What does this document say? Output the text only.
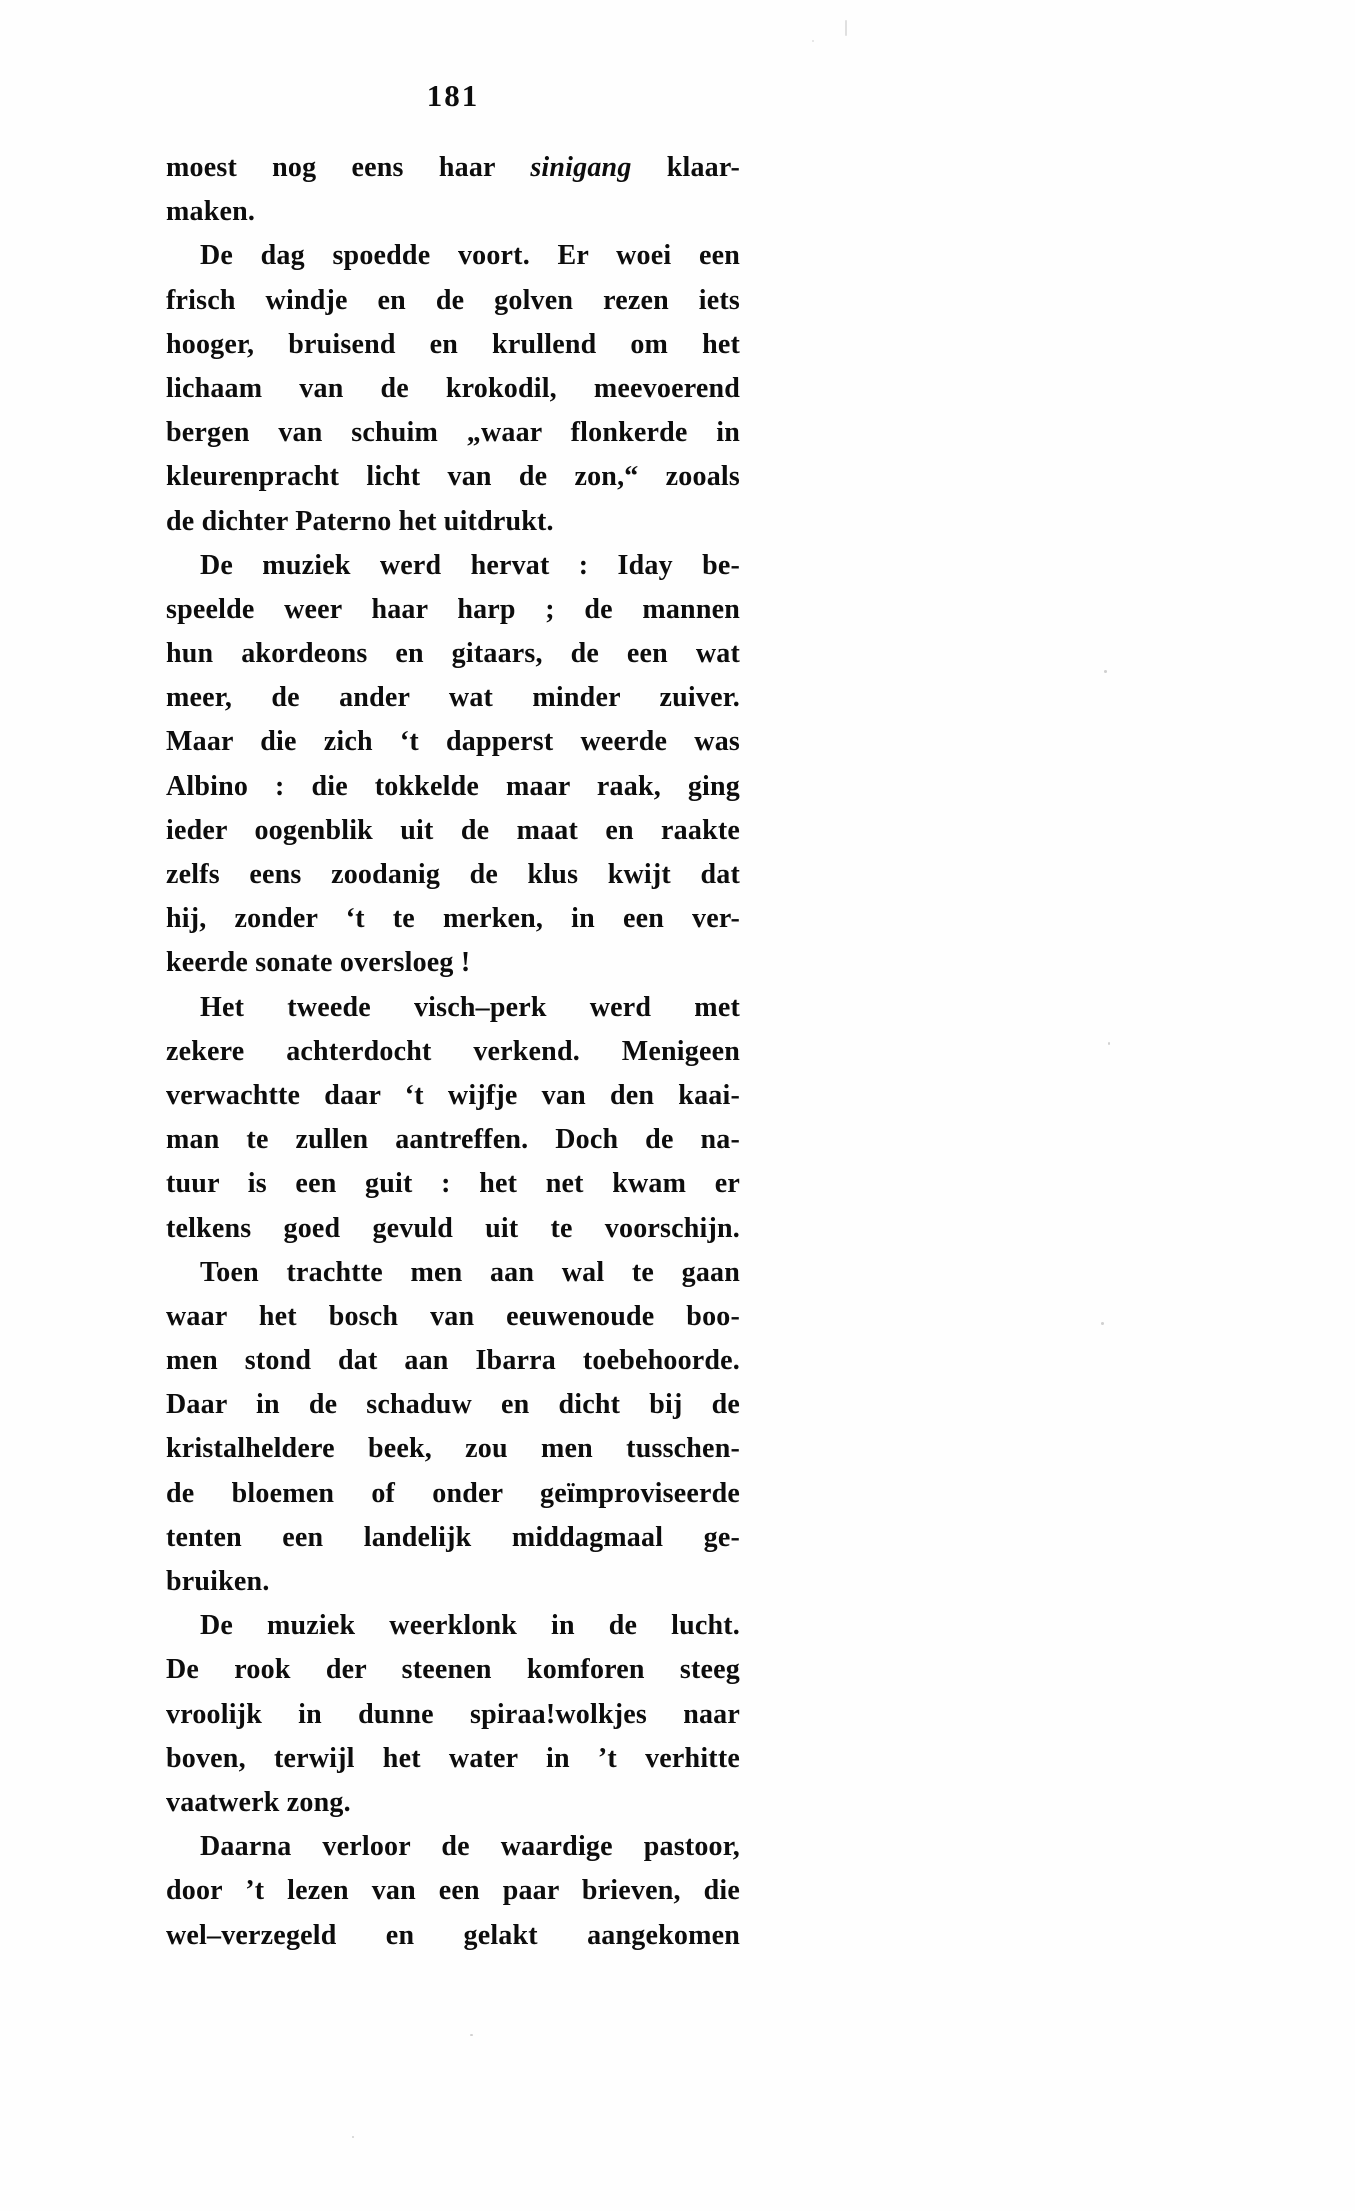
181
moest nog eens haar sinigang klaar-
maken.
De dag spoedde voort. Er woei een
frisch windje en de golven rezen iets
hooger, bruisend en krullend om het
lichaam van de krokodil, meevoerend
bergen van schuim „waar flonkerde in
kleurenpracht licht van de zon,“ zooals
de dichter Paterno het uitdrukt.
De muziek werd hervat : Iday be-
speelde weer haar harp ; de mannen
hun akordeons en gitaars, de een wat
meer, de ander wat minder zuiver.
Maar die zich ‘t dapperst weerde was
Albino : die tokkelde maar raak, ging
ieder oogenblik uit de maat en raakte
zelfs eens zoodanig de klus kwijt dat
hij, zonder ‘t te merken, in een ver-
keerde sonate oversloeg !
Het tweede visch–perk werd met
zekere achterdocht verkend. Menigeen
verwachtte daar ‘t wijfje van den kaai-
man te zullen aantreffen. Doch de na-
tuur is een guit : het net kwam er
telkens goed gevuld uit te voorschijn.
Toen trachtte men aan wal te gaan
waar het bosch van eeuwenoude boo-
men stond dat aan Ibarra toebehoorde.
Daar in de schaduw en dicht bij de
kristalheldere beek, zou men tusschen-
de bloemen of onder geïmproviseerde
tenten een landelijk middagmaal ge-
bruiken.
De muziek weerklonk in de lucht.
De rook der steenen komforen steeg
vroolijk in dunne spiraa!wolkjes naar
boven, terwijl het water in ’t verhitte
vaatwerk zong.
Daarna verloor de waardige pastoor,
door ’t lezen van een paar brieven, die
wel–verzegeld en gelakt aangekomen
